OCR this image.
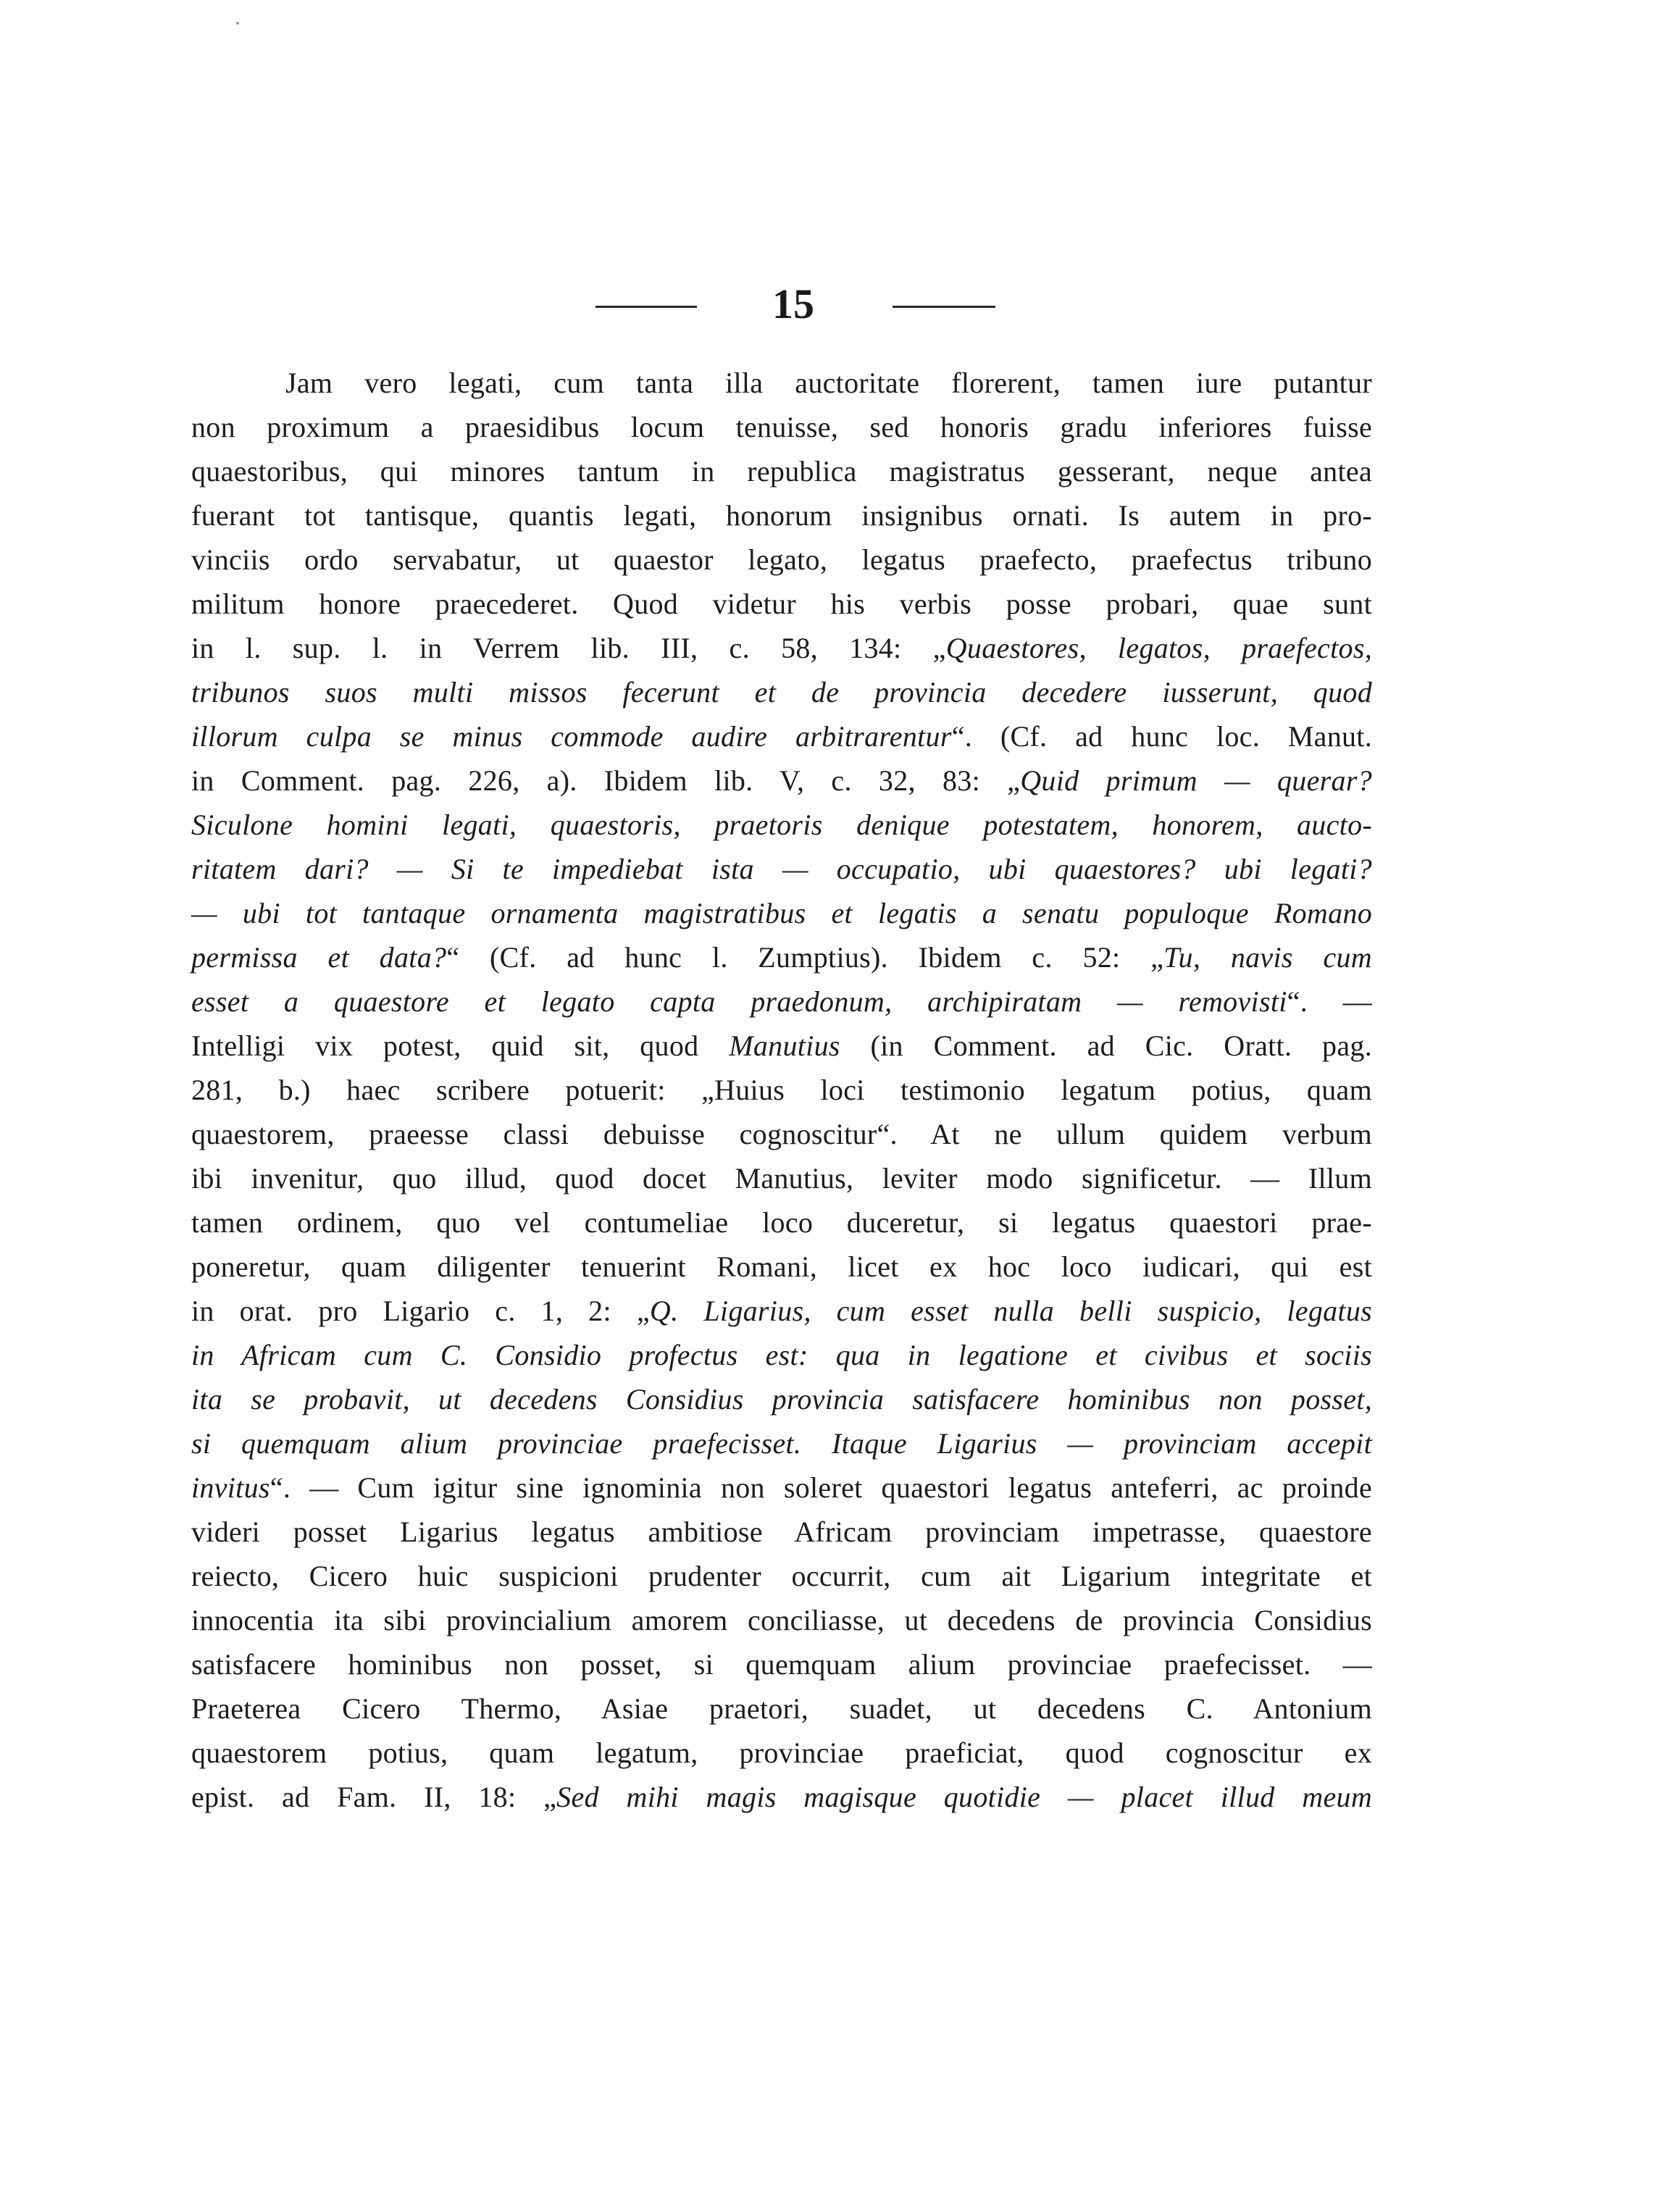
15
Jam vero legati, cum tanta illa auctoritate florerent, tamen iure putantur
non proximum a praesidibus locum tenuisse, sed honoris gradu inferiores fuisse
quaestoribus, qui minores tantum in republica magistratus gesserant, neque antea
fuerant tot tantisque, quantis legati, honorum insignibus ornati. Is autem in pro-
vinciis ordo servabatur, ut quaestor legato, legatus praefecto, praefectus tribuno
militum honore praecederet. Quod videtur his verbis posse probari, quae sunt
in l. sup. l. in Verrem lib. III, c. 58, 134: „Quaestores, legatos, praefectos,
tribunos suos multi missos fecerunt et de provincia decedere iusserunt, quod
illorum culpa se minus commode audire arbitrarentur“. (Cf. ad hunc loc. Manut.
in Comment. pag. 226, a). Ibidem lib. V, c. 32, 83: „Quid primum — querar?
Siculone homini legati, quaestoris, praetoris denique potestatem, honorem, aucto-
ritatem dari? — Si te impediebat ista — occupatio, ubi quaestores? ubi legati?
— ubi tot tantaque ornamenta magistratibus et legatis a senatu populoque Romano
permissa et data?“ (Cf. ad hunc l. Zumptius). Ibidem c. 52: „Tu, navis cum
esset a quaestore et legato capta praedonum, archipiratam — removisti“. —
Intelligi vix potest, quid sit, quod Manutius (in Comment. ad Cic. Oratt. pag.
281, b.) haec scribere potuerit: „Huius loci testimonio legatum potius, quam
quaestorem, praeesse classi debuisse cognoscitur“. At ne ullum quidem verbum
ibi invenitur, quo illud, quod docet Manutius, leviter modo significetur. — Illum
tamen ordinem, quo vel contumeliae loco duceretur, si legatus quaestori prae-
poneretur, quam diligenter tenuerint Romani, licet ex hoc loco iudicari, qui est
in orat. pro Ligario c. 1, 2: „Q. Ligarius, cum esset nulla belli suspicio, legatus
in Africam cum C. Considio profectus est: qua in legatione et civibus et sociis
ita se probavit, ut decedens Considius provincia satisfacere hominibus non posset,
si quemquam alium provinciae praefecisset. Itaque Ligarius — provinciam accepit
invitus“. — Cum igitur sine ignominia non soleret quaestori legatus anteferri, ac proinde
videri posset Ligarius legatus ambitiose Africam provinciam impetrasse, quaestore
reiecto, Cicero huic suspicioni prudenter occurrit, cum ait Ligarium integritate et
innocentia ita sibi provincialium amorem conciliasse, ut decedens de provincia Considius
satisfacere hominibus non posset, si quemquam alium provinciae praefecisset. —
Praeterea Cicero Thermo, Asiae praetori, suadet, ut decedens C. Antonium
quaestorem potius, quam legatum, provinciae praeficiat, quod cognoscitur ex
epist. ad Fam. II, 18: „Sed mihi magis magisque quotidie — placet illud meum
